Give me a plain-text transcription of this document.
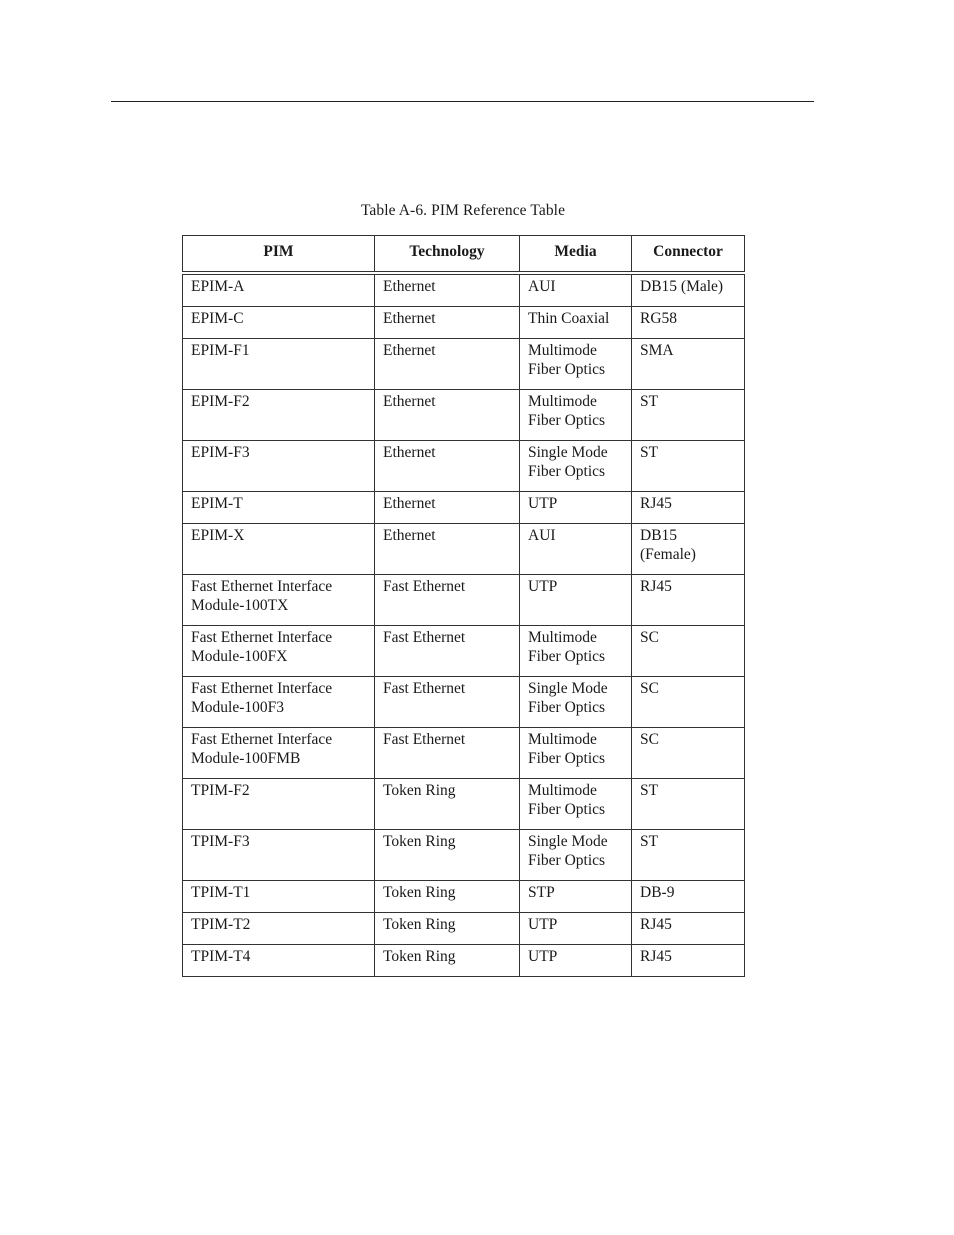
Table A-6. PIM Reference Table
PIM	Technology	Media	Connector
EPIM-A	Ethernet	AUI	DB15 (Male)
EPIM-C	Ethernet	Thin Coaxial	RG58
EPIM-F1	Ethernet	Multimode Fiber Optics	SMA
EPIM-F2	Ethernet	Multimode Fiber Optics	ST
EPIM-F3	Ethernet	Single Mode Fiber Optics	ST
EPIM-T	Ethernet	UTP	RJ45
EPIM-X	Ethernet	AUI	DB15 (Female)
Fast Ethernet Interface Module-100TX	Fast Ethernet	UTP	RJ45
Fast Ethernet Interface Module-100FX	Fast Ethernet	Multimode Fiber Optics	SC
Fast Ethernet Interface Module-100F3	Fast Ethernet	Single Mode Fiber Optics	SC
Fast Ethernet Interface Module-100FMB	Fast Ethernet	Multimode Fiber Optics	SC
TPIM-F2	Token Ring	Multimode Fiber Optics	ST
TPIM-F3	Token Ring	Single Mode Fiber Optics	ST
TPIM-T1	Token Ring	STP	DB-9
TPIM-T2	Token Ring	UTP	RJ45
TPIM-T4	Token Ring	UTP	RJ45
